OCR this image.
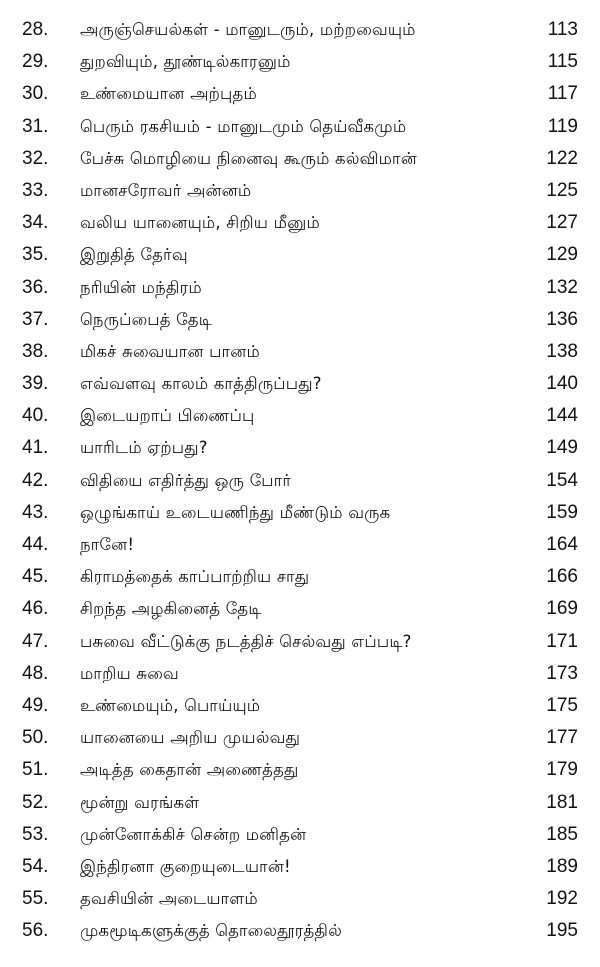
28.	அருஞ்செயல்கள் - மானுடரும், மற்றவையும்	113
29.	துறவியும், தூண்டில்காரனும்	115
30.	உண்மையான அற்புதம்	117
31.	பெரும் ரகசியம் - மானுடமும் தெய்வீகமும்	119
32.	பேச்சு மொழியை நினைவு கூரும் கல்விமான்	122
33.	மானசரோவர் அன்னம்	125
34.	வலிய யானையும், சிறிய மீனும்	127
35.	இறுதித் தேர்வு	129
36.	நரியின் மந்திரம்	132
37.	நெருப்பைத் தேடி	136
38.	மிகச் சுவையான பானம்	138
39.	எவ்வளவு காலம் காத்திருப்பது?	140
40.	இடையறாப் பிணைப்பு	144
41.	யாரிடம் ஏற்பது?	149
42.	விதியை எதிர்த்து ஒரு போர்	154
43.	ஒழுங்காய் உடையணிந்து மீண்டும் வருக	159
44.	நானே!	164
45.	கிராமத்தைக் காப்பாற்றிய சாது	166
46.	சிறந்த அழகினைத் தேடி	169
47.	பசுவை வீட்டுக்கு நடத்திச் செல்வது எப்படி?	171
48.	மாறிய சுவை	173
49.	உண்மையும், பொய்யும்	175
50.	யானையை அறிய முயல்வது	177
51.	அடித்த கைதான் அணைத்தது	179
52.	மூன்று வரங்கள்	181
53.	முன்னோக்கிச் சென்ற மனிதன்	185
54.	இந்திரனா குறையுடையான்!	189
55.	தவசியின் அடையாளம்	192
56.	முகமூடிகளுக்குத் தொலைதூரத்தில்	195
